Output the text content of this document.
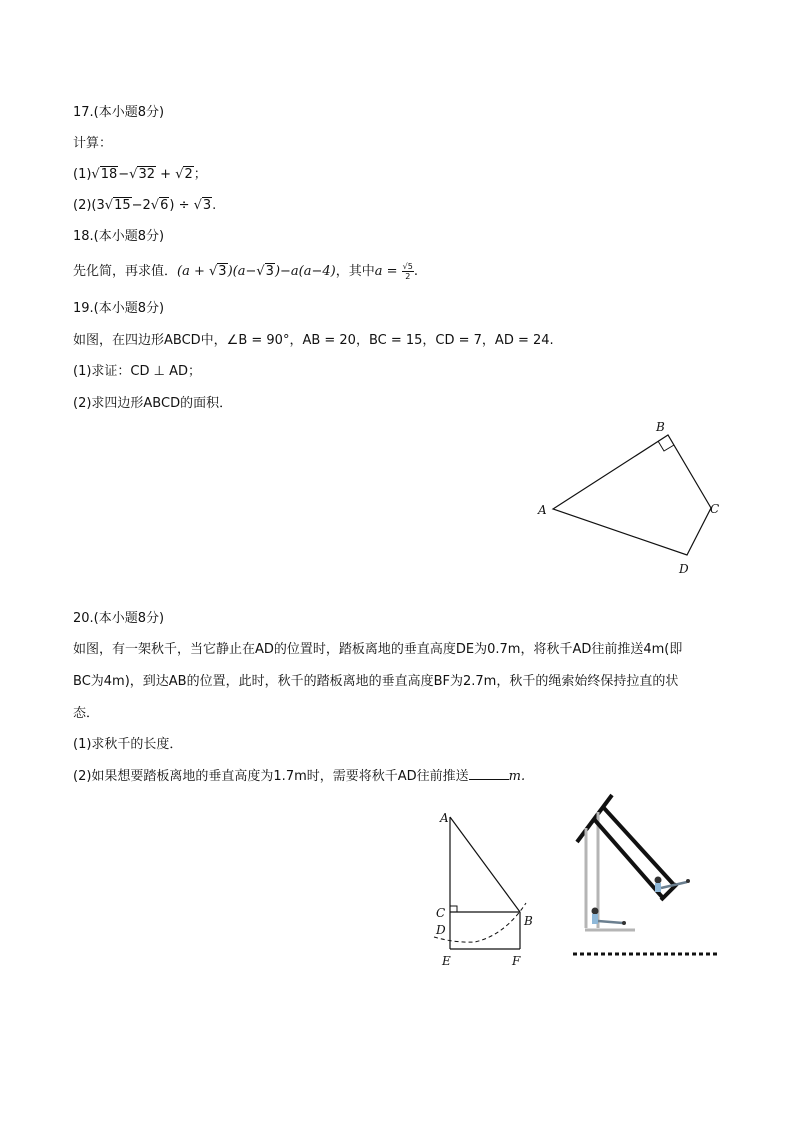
17.(本小题8分)
计算：
(1)√18−√32 + √2；
(2)(3√15−2√6) ÷ √3.
18.(本小题8分)
先化简，再求值．(a + √3)(a−√3)−a(a−4)，其中$a = \frac{√5}{2}$ .
19.(本小题8分)
如图，在四边形ABCD中，∠B = 90°，AB = 20，BC = 15，CD = 7，AD = 24.
(1)求证：CD ⊥ AD；
(2)求四边形ABCD的面积．
A
B
C
D
20.(本小题8分)
如图，有一架秋千，当它静止在AD的位置时，踏板离地的垂直高度DE为0.7m，将秋千AD往前推送4m(即
BC为4m)，到达AB的位置，此时，秋千的踏板离地的垂直高度BF为2.7m，秋千的绳索始终保持拉直的状
态．
(1)求秋千的长度．
(2)如果想要踏板离地的垂直高度为1.7m时，需要将秋千AD往前推送	m.
A
C
B
D
E	F
